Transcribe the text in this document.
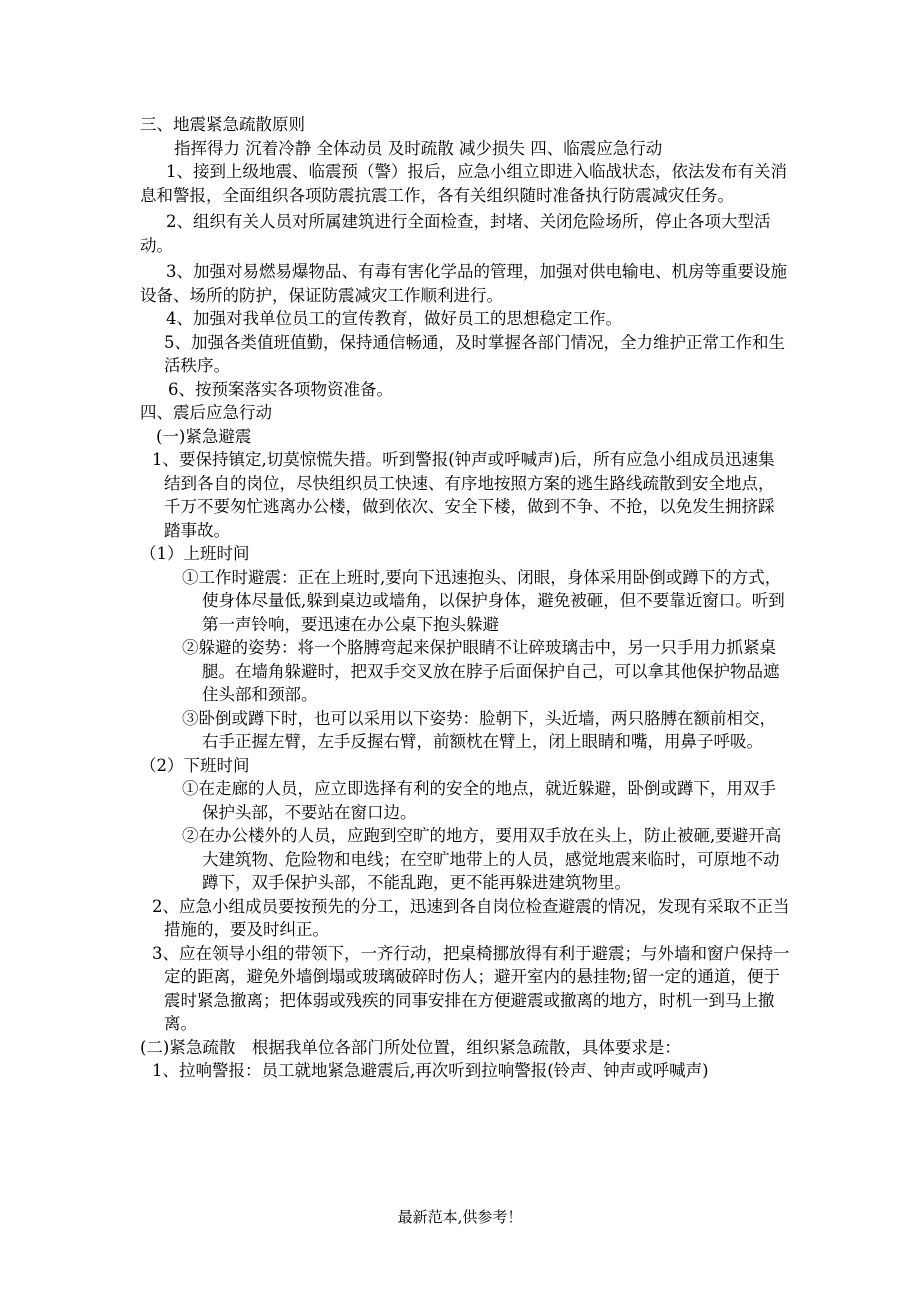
三、地震紧急疏散原则

指挥得力 沉着冷静 全体动员 及时疏散 减少损失 四、临震应急行动

1、接到上级地震、临震预（警）报后，应急小组立即进入临战状态，依法发布有关消息和警报，全面组织各项防震抗震工作，各有关组织随时准备执行防震减灾任务。

2、组织有关人员对所属建筑进行全面检查，封堵、关闭危险场所，停止各项大型活动。

3、加强对易燃易爆物品、有毒有害化学品的管理，加强对供电输电、机房等重要设施设备、场所的防护，保证防震减灾工作顺利进行。

4、加强对我单位员工的宣传教育，做好员工的思想稳定工作。

5、加强各类值班值勤，保持通信畅通，及时掌握各部门情况，全力维护正常工作和生活秩序。

6、按预案落实各项物资准备。

四、震后应急行动

(一)紧急避震

1、要保持镇定,切莫惊慌失措。听到警报(钟声或呼喊声)后，所有应急小组成员迅速集结到各自的岗位，尽快组织员工快速、有序地按照方案的逃生路线疏散到安全地点，千万不要匆忙逃离办公楼，做到依次、安全下楼，做到不争、不抢，以免发生拥挤踩踏事故。

（1）上班时间

①工作时避震：正在上班时,要向下迅速抱头、闭眼，身体采用卧倒或蹲下的方式，使身体尽量低,躲到桌边或墙角，以保护身体，避免被砸，但不要靠近窗口。听到第一声铃响，要迅速在办公桌下抱头躲避

②躲避的姿势：将一个胳膊弯起来保护眼睛不让碎玻璃击中，另一只手用力抓紧桌腿。在墙角躲避时，把双手交叉放在脖子后面保护自己，可以拿其他保护物品遮住头部和颈部。

③卧倒或蹲下时，也可以采用以下姿势：脸朝下，头近墙，两只胳膊在额前相交，右手正握左臂，左手反握右臂，前额枕在臂上，闭上眼睛和嘴，用鼻子呼吸。

（2）下班时间

①在走廊的人员，应立即选择有利的安全的地点，就近躲避，卧倒或蹲下，用双手保护头部，不要站在窗口边。

②在办公楼外的人员，应跑到空旷的地方，要用双手放在头上，防止被砸,要避开高大建筑物、危险物和电线；在空旷地带上的人员，感觉地震来临时，可原地不动蹲下，双手保护头部，不能乱跑，更不能再躲进建筑物里。

2、应急小组成员要按预先的分工，迅速到各自岗位检查避震的情况，发现有采取不正当措施的，要及时纠正。

3、应在领导小组的带领下，一齐行动，把桌椅挪放得有利于避震；与外墙和窗户保持一定的距离，避免外墙倒塌或玻璃破碎时伤人；避开室内的悬挂物;留一定的通道，便于震时紧急撤离；把体弱或残疾的同事安排在方便避震或撤离的地方，时机一到马上撤离。

(二)紧急疏散　根据我单位各部门所处位置，组织紧急疏散，具体要求是：

1、拉响警报：员工就地紧急避震后,再次听到拉响警报(铃声、钟声或呼喊声)

最新范本,供参考！
